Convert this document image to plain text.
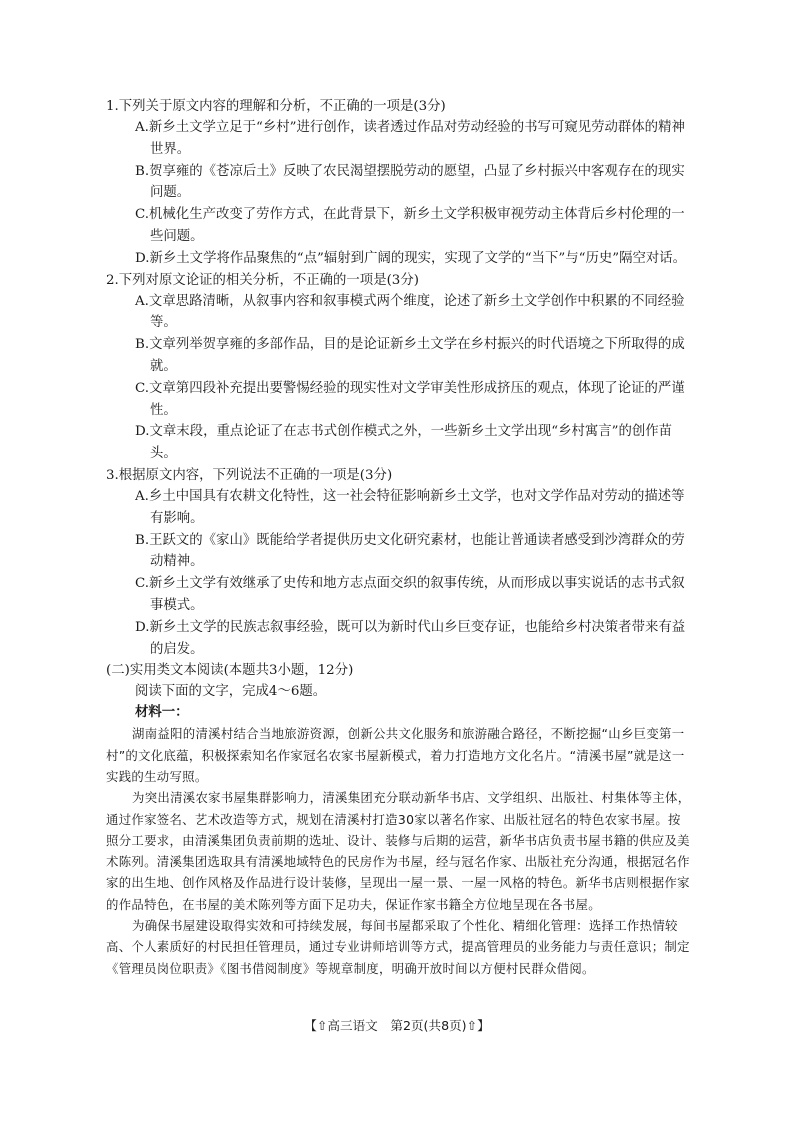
1.下列关于原文内容的理解和分析，不正确的一项是(3分)

A.新乡土文学立足于“乡村”进行创作，读者透过作品对劳动经验的书写可窥见劳动群体的精神世界。

B.贺享雍的《苍凉后土》反映了农民渴望摆脱劳动的愿望，凸显了乡村振兴中客观存在的现实问题。

C.机械化生产改变了劳作方式，在此背景下，新乡土文学积极审视劳动主体背后乡村伦理的一些问题。

D.新乡土文学将作品聚焦的“点”辐射到广阔的现实，实现了文学的“当下”与“历史”隔空对话。

2.下列对原文论证的相关分析，不正确的一项是(3分)

A.文章思路清晰，从叙事内容和叙事模式两个维度，论述了新乡土文学创作中积累的不同经验等。

B.文章列举贺享雍的多部作品，目的是论证新乡土文学在乡村振兴的时代语境之下所取得的成就。

C.文章第四段补充提出要警惕经验的现实性对文学审美性形成挤压的观点，体现了论证的严谨性。

D.文章末段，重点论证了在志书式创作模式之外，一些新乡土文学出现“乡村寓言”的创作苗头。

3.根据原文内容，下列说法不正确的一项是(3分)

A.乡土中国具有农耕文化特性，这一社会特征影响新乡土文学，也对文学作品对劳动的描述等有影响。

B.王跃文的《家山》既能给学者提供历史文化研究素材，也能让普通读者感受到沙湾群众的劳动精神。

C.新乡土文学有效继承了史传和地方志点面交织的叙事传统，从而形成以事实说话的志书式叙事模式。

D.新乡土文学的民族志叙事经验，既可以为新时代山乡巨变存证，也能给乡村决策者带来有益的启发。

(二)实用类文本阅读(本题共3小题，12分)

阅读下面的文字，完成4～6题。

材料一：

湖南益阳的清溪村结合当地旅游资源，创新公共文化服务和旅游融合路径，不断挖掘“山乡巨变第一村”的文化底蕴，积极探索知名作家冠名农家书屋新模式，着力打造地方文化名片。“清溪书屋”就是这一实践的生动写照。

为突出清溪农家书屋集群影响力，清溪集团充分联动新华书店、文学组织、出版社、村集体等主体，通过作家签名、艺术改造等方式，规划在清溪村打造30家以著名作家、出版社冠名的特色农家书屋。按照分工要求，由清溪集团负责前期的选址、设计、装修与后期的运营，新华书店负责书屋书籍的供应及美术陈列。清溪集团选取具有清溪地域特色的民房作为书屋，经与冠名作家、出版社充分沟通，根据冠名作家的出生地、创作风格及作品进行设计装修，呈现出一屋一景、一屋一风格的特色。新华书店则根据作家的作品特色，在书屋的美术陈列等方面下足功夫，保证作家书籍全方位地呈现在各书屋。

为确保书屋建设取得实效和可持续发展，每间书屋都采取了个性化、精细化管理：选择工作热情较高、个人素质好的村民担任管理员，通过专业讲师培训等方式，提高管理员的业务能力与责任意识；制定《管理员岗位职责》《图书借阅制度》等规章制度，明确开放时间以方便村民群众借阅。

【⇧高三语文　第2页(共8页)⇧】
